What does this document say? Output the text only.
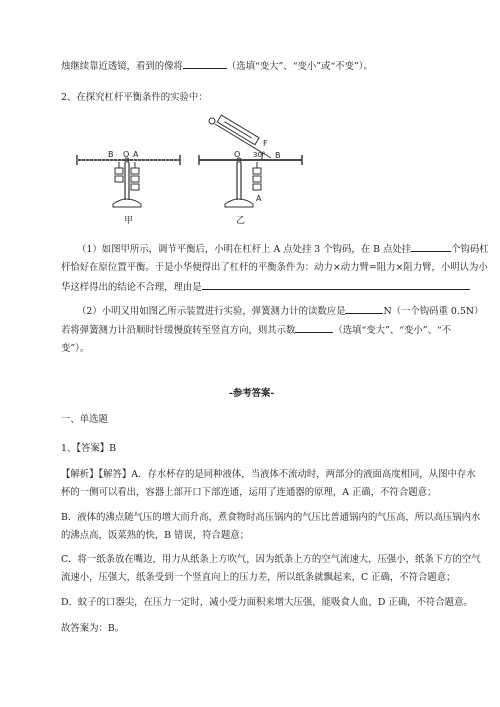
烛继续靠近透镜，看到的像将	（选填“变大”、“变小”或“不变”）。
2、在探究杠杆平衡条件的实验中：
B O A
甲
O
A
B
F
30°
乙
（1）如图甲所示，调节平衡后，小明在杠杆上 A 点处挂 3 个钩码，在 B 点处挂	个钩码杠
杆恰好在原位置平衡。于是小华便得出了杠杆的平衡条件为：动力×动力臂=阻力×阻力臂，小明认为小
华这样得出的结论不合理，理由是
（2）小明又用如图乙所示装置进行实验，弹簧测力计的读数应是	N（一个钩码重 0.5N）
若将弹簧测力计沿顺时针缓慢旋转至竖直方向，则其示数	（选填“变大”、“变小”、“不
变”）。
-参考答案-
一、单选题
1、【答案】B
【解析】【解答】A．存水杯存的是同种液体，当液体不流动时，两部分的液面高度相同，从图中存水
杯的一侧可以看出，容器上部开口下部连通，运用了连通器的原理，A 正确，不符合题意；
B．液体的沸点随气压的增大而升高，煮食物时高压锅内的气压比普通锅内的气压高，所以高压锅内水
的沸点高，饭菜熟的快，B 错误，符合题意；
C．将一纸条放在嘴边，用力从纸条上方吹气，因为纸条上方的空气流速大，压强小，纸条下方的空气
流速小，压强大，纸条受到一个竖直向上的压力差，所以纸条就飘起来，C 正确，不符合题意；
D．蚊子的口器尖，在压力一定时，减小受力面积来增大压强，能吸食人血，D 正确，不符合题意。
故答案为：B。
